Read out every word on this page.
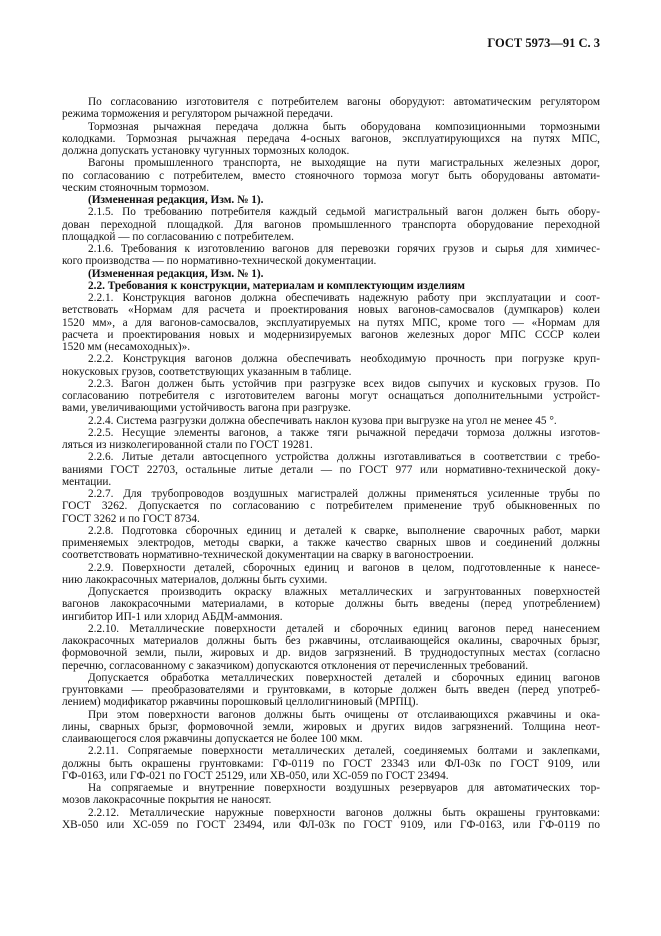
ГОСТ 5973—91 С. 3
По согласованию изготовителя с потребителем вагоны оборудуют: автоматическим регулятором
режима торможения и регулятором рычажной передачи.
Тормозная рычажная передача должна быть оборудована композиционными тормозными
колодками. Тормозная рычажная передача 4-осных вагонов, эксплуатирующихся на путях МПС,
должна допускать установку чугунных тормозных колодок.
Вагоны промышленного транспорта, не выходящие на пути магистральных железных дорог,
по согласованию с потребителем, вместо стояночного тормоза могут быть оборудованы автомати-
ческим стояночным тормозом.
(Измененная редакция, Изм. № 1).
2.1.5. По требованию потребителя каждый седьмой магистральный вагон должен быть обору-
дован переходной площадкой. Для вагонов промышленного транспорта оборудование переходной
площадкой — по согласованию с потребителем.
2.1.6. Требования к изготовлению вагонов для перевозки горячих грузов и сырья для химичес-
кого производства — по нормативно-технической документации.
(Измененная редакция, Изм. № 1).
2.2. Требования к конструкции, материалам и комплектующим изделиям
2.2.1. Конструкция вагонов должна обеспечивать надежную работу при эксплуатации и соот-
ветствовать «Нормам для расчета и проектирования новых вагонов-самосвалов (думпкаров) колеи
1520 мм», а для вагонов-самосвалов, эксплуатируемых на путях МПС, кроме того — «Нормам для
расчета и проектирования новых и модернизируемых вагонов железных дорог МПС СССР колеи
1520 мм (несамоходных)».
2.2.2. Конструкция вагонов должна обеспечивать необходимую прочность при погрузке круп-
нокусковых грузов, соответствующих указанным в таблице.
2.2.3. Вагон должен быть устойчив при разгрузке всех видов сыпучих и кусковых грузов. По
согласованию потребителя с изготовителем вагоны могут оснащаться дополнительными устройст-
вами, увеличивающими устойчивость вагона при разгрузке.
2.2.4. Система разгрузки должна обеспечивать наклон кузова при выгрузке на угол не менее 45 °.
2.2.5. Несущие элементы вагонов, а также тяги рычажной передачи тормоза должны изготов-
ляться из низколегированной стали по ГОСТ 19281.
2.2.6. Литые детали автосцепного устройства должны изготавливаться в соответствии с требо-
ваниями ГОСТ 22703, остальные литые детали — по ГОСТ 977 или нормативно-технической доку-
ментации.
2.2.7. Для трубопроводов воздушных магистралей должны применяться усиленные трубы по
ГОСТ 3262. Допускается по согласованию с потребителем применение труб обыкновенных по
ГОСТ 3262 и по ГОСТ 8734.
2.2.8. Подготовка сборочных единиц и деталей к сварке, выполнение сварочных работ, марки
применяемых электродов, методы сварки, а также качество сварных швов и соединений должны
соответствовать нормативно-технической документации на сварку в вагоностроении.
2.2.9. Поверхности деталей, сборочных единиц и вагонов в целом, подготовленные к нанесе-
нию лакокрасочных материалов, должны быть сухими.
Допускается производить окраску влажных металлических и загрунтованных поверхностей
вагонов лакокрасочными материалами, в которые должны быть введены (перед употреблением)
ингибитор ИП-1 или хлорид АБДМ-аммония.
2.2.10. Металлические поверхности деталей и сборочных единиц вагонов перед нанесением
лакокрасочных материалов должны быть без ржавчины, отслаивающейся окалины, сварочных брызг,
формовочной земли, пыли, жировых и др. видов загрязнений. В труднодоступных местах (согласно
перечню, согласованному с заказчиком) допускаются отклонения от перечисленных требований.
Допускается обработка металлических поверхностей деталей и сборочных единиц вагонов
грунтовками — преобразователями и грунтовками, в которые должен быть введен (перед употреб-
лением) модификатор ржавчины порошковый целлолигниновый (МРПЦ).
При этом поверхности вагонов должны быть очищены от отслаивающихся ржавчины и ока-
лины, сварных брызг, формовочной земли, жировых и других видов загрязнений. Толщина неот-
слаивающегося слоя ржавчины допускается не более 100 мкм.
2.2.11. Сопрягаемые поверхности металлических деталей, соединяемых болтами и заклепками,
должны быть окрашены грунтовками: ГФ-0119 по ГОСТ 23343 или ФЛ-03к по ГОСТ 9109, или
ГФ-0163, или ГФ-021 по ГОСТ 25129, или ХВ-050, или ХС-059 по ГОСТ 23494.
На сопрягаемые и внутренние поверхности воздушных резервуаров для автоматических тор-
мозов лакокрасочные покрытия не наносят.
2.2.12. Металлические наружные поверхности вагонов должны быть окрашены грунтовками:
ХВ-050 или ХС-059 по ГОСТ 23494, или ФЛ-03к по ГОСТ 9109, или ГФ-0163, или ГФ-0119 по
